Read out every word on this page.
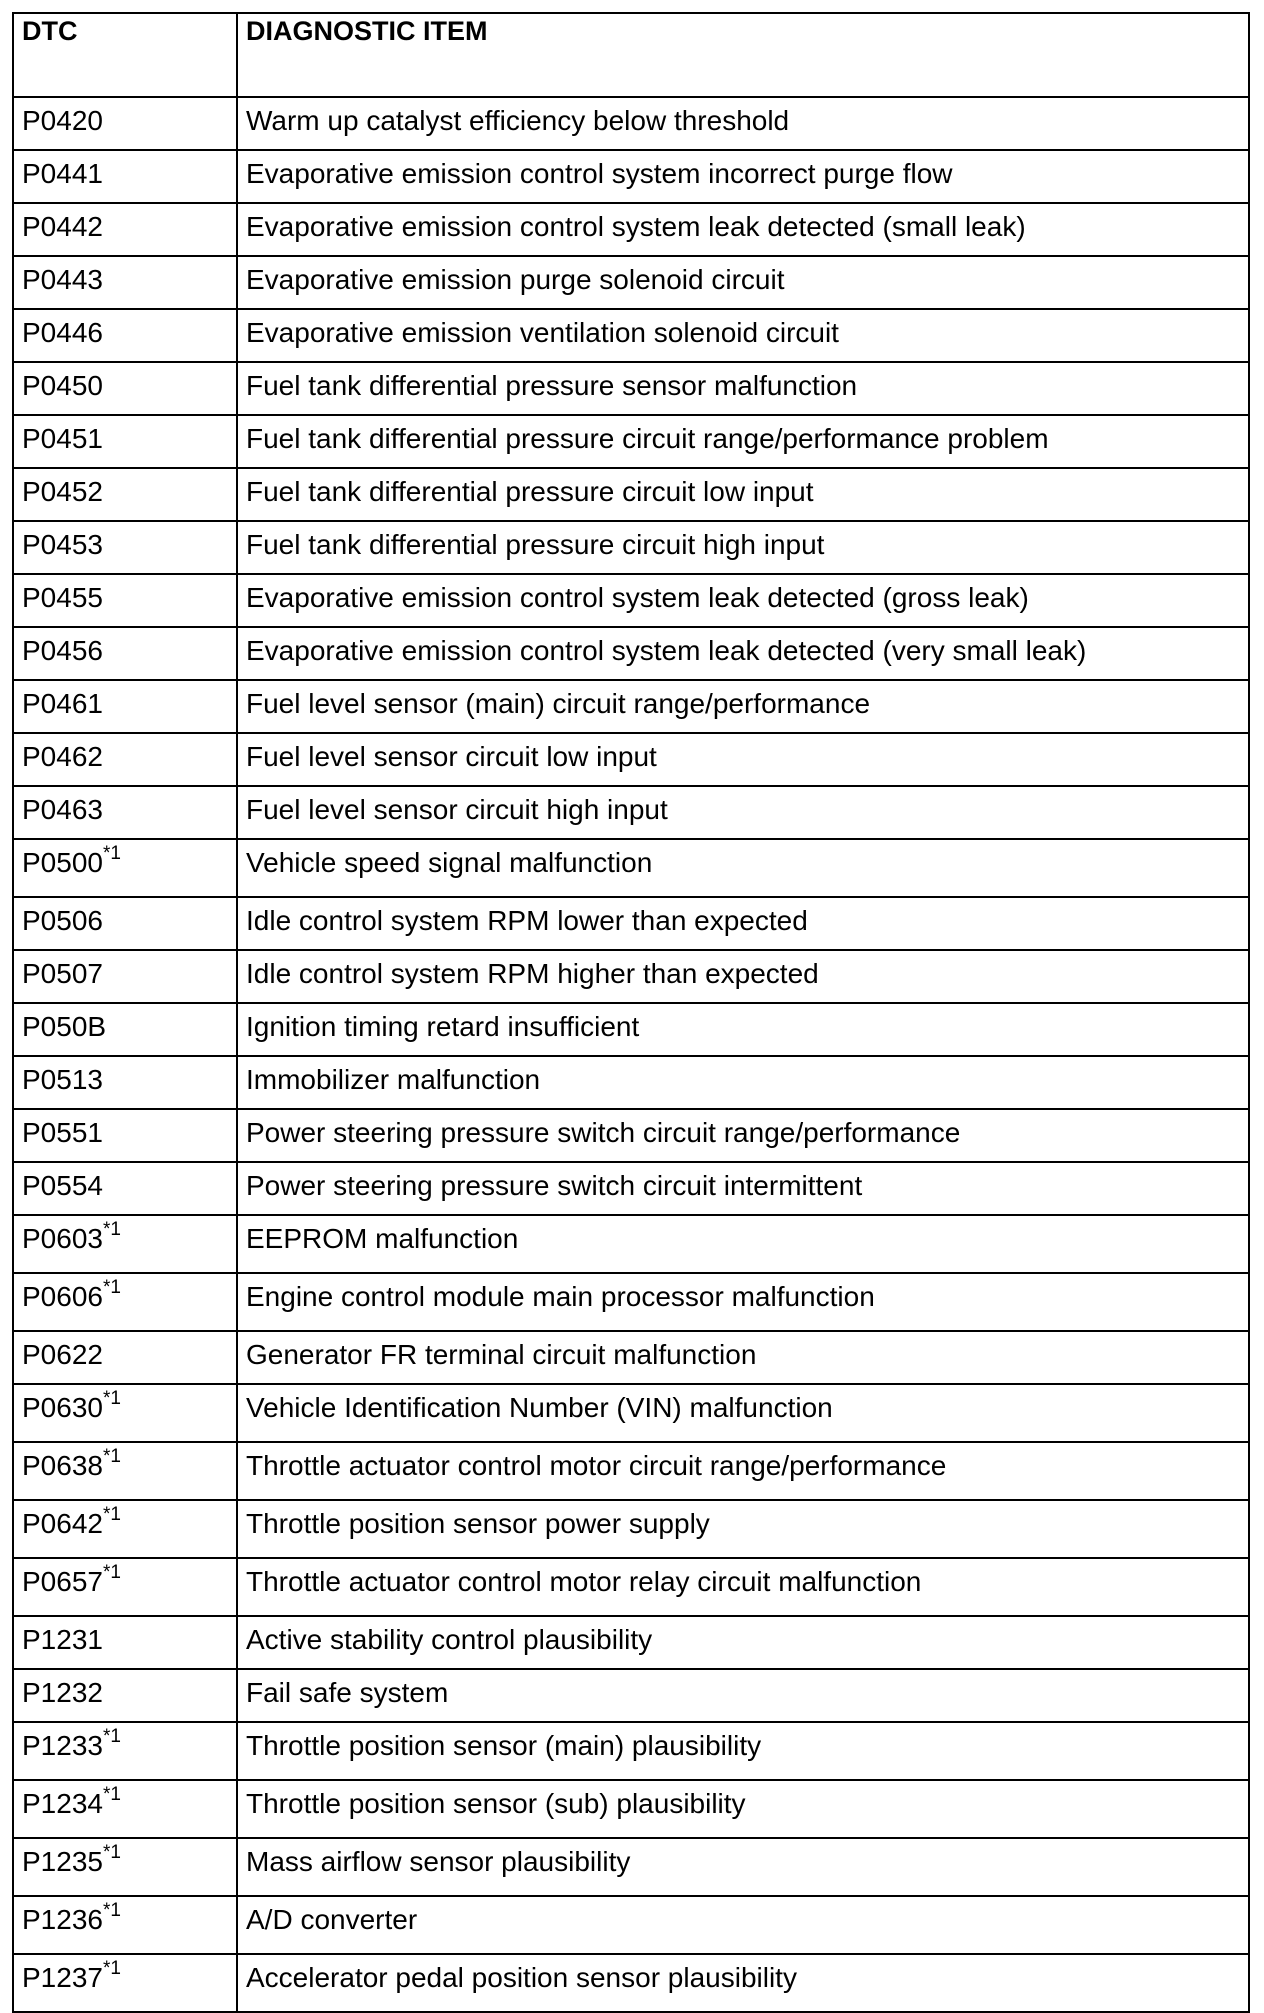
DTC	DIAGNOSTIC ITEM
P0420	Warm up catalyst efficiency below threshold
P0441	Evaporative emission control system incorrect purge flow
P0442	Evaporative emission control system leak detected (small leak)
P0443	Evaporative emission purge solenoid circuit
P0446	Evaporative emission ventilation solenoid circuit
P0450	Fuel tank differential pressure sensor malfunction
P0451	Fuel tank differential pressure circuit range/performance problem
P0452	Fuel tank differential pressure circuit low input
P0453	Fuel tank differential pressure circuit high input
P0455	Evaporative emission control system leak detected (gross leak)
P0456	Evaporative emission control system leak detected (very small leak)
P0461	Fuel level sensor (main) circuit range/performance
P0462	Fuel level sensor circuit low input
P0463	Fuel level sensor circuit high input
P0500$^{*1}$	Vehicle speed signal malfunction
P0506	Idle control system RPM lower than expected
P0507	Idle control system RPM higher than expected
P050B	Ignition timing retard insufficient
P0513	Immobilizer malfunction
P0551	Power steering pressure switch circuit range/performance
P0554	Power steering pressure switch circuit intermittent
P0603$^{*1}$	EEPROM malfunction
P0606$^{*1}$	Engine control module main processor malfunction
P0622	Generator FR terminal circuit malfunction
P0630$^{*1}$	Vehicle Identification Number (VIN) malfunction
P0638$^{*1}$	Throttle actuator control motor circuit range/performance
P0642$^{*1}$	Throttle position sensor power supply
P0657$^{*1}$	Throttle actuator control motor relay circuit malfunction
P1231	Active stability control plausibility
P1232	Fail safe system
P1233$^{*1}$	Throttle position sensor (main) plausibility
P1234$^{*1}$	Throttle position sensor (sub) plausibility
P1235$^{*1}$	Mass airflow sensor plausibility
P1236$^{*1}$	A/D converter
P1237$^{*1}$	Accelerator pedal position sensor plausibility
